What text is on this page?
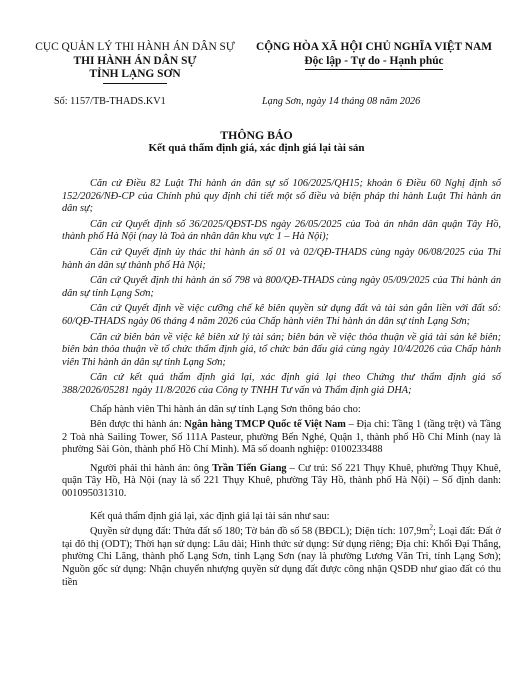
CỤC QUẢN LÝ THI HÀNH ÁN DÂN SỰ
THI HÀNH ÁN DÂN SỰ
TỈNH LẠNG SƠN
CỘNG HÒA XÃ HỘI CHỦ NGHĨA VIỆT NAM
Độc lập - Tự do - Hạnh phúc
Số: 1157/TB-THADS.KV1	Lạng Sơn, ngày 14 tháng 08 năm 2026
THÔNG BÁO
Kết quả thẩm định giá, xác định giá lại tài sản

Căn cứ Điều 82 Luật Thi hành án dân sự số 106/2025/QH15; khoản 6 Điều 60 Nghị định số 152/2026/NĐ-CP của Chính phủ quy định chi tiết một số điều và biện pháp thi hành Luật Thi hành án dân sự;

Căn cứ Quyết định số 36/2025/QĐST-DS ngày 26/05/2025 của Toà án nhân dân quận Tây Hồ, thành phố Hà Nội (nay là Toà án nhân dân khu vực 1 – Hà Nội);

Căn cứ Quyết định ủy thác thi hành án số 01 và 02/QĐ-THADS cùng ngày 06/08/2025 của Thi hành án dân sự thành phố Hà Nội;

Căn cứ Quyết định thi hành án số 798 và 800/QĐ-THADS cùng ngày 05/09/2025 của Thi hành án dân sự tỉnh Lạng Sơn;

Căn cứ Quyết định về việc cưỡng chế kê biên quyền sử dụng đất và tài sản gắn liền với đất số: 60/QĐ-THADS ngày 06 tháng 4 năm 2026 của Chấp hành viên Thi hành án dân sự tỉnh Lạng Sơn;

Căn cứ biên bản về việc kê biên xử lý tài sản; biên bản về việc thỏa thuận về giá tài sản kê biên; biên bản thỏa thuận về tổ chức thẩm định giá, tổ chức bán đấu giá cùng ngày 10/4/2026 của Chấp hành viên Thi hành án dân sự tỉnh Lạng Sơn;

Căn cứ kết quả thẩm định giá lại, xác định giá lại theo Chứng thư thẩm định giá số 388/2026/05281 ngày 11/8/2026 của Công ty TNHH Tư vấn và Thẩm định giá DHA;

Chấp hành viên Thi hành án dân sự tỉnh Lạng Sơn thông báo cho:

Bên được thi hành án: Ngân hàng TMCP Quốc tế Việt Nam – Địa chỉ: Tầng 1 (tầng trệt) và Tầng 2 Toà nhà Sailing Tower, Số 111A Pasteur, phường Bến Nghé, Quận 1, thành phố Hồ Chí Minh (nay là phường Sài Gòn, thành phố Hồ Chí Minh). Mã số doanh nghiệp: 0100233488

Người phải thi hành án: ông Trần Tiến Giang – Cư trú: Số 221 Thụy Khuê, phường Thụy Khuê, quận Tây Hồ, Hà Nội (nay là số 221 Thụy Khuê, phường Tây Hồ, thành phố Hà Nội) – Số định danh: 001095031310.

Kết quả thẩm định giá lại, xác định giá lại tài sản như sau:

Quyền sử dụng đất: Thửa đất số 180; Tờ bản đồ số 58 (BĐCL); Diện tích: $107,9m^2$; Loại đất: Đất ở tại đô thị (ODT); Thời hạn sử dụng: Lâu dài; Hình thức sử dụng: Sử dụng riêng; Địa chỉ: Khối Đại Thắng, phường Chi Lăng, thành phố Lạng Sơn, tỉnh Lạng Sơn (nay là phường Lương Văn Tri, tỉnh Lạng Sơn); Nguồn gốc sử dụng: Nhận chuyển nhượng quyền sử dụng đất được công nhận QSDĐ như giao đất có thu tiền
